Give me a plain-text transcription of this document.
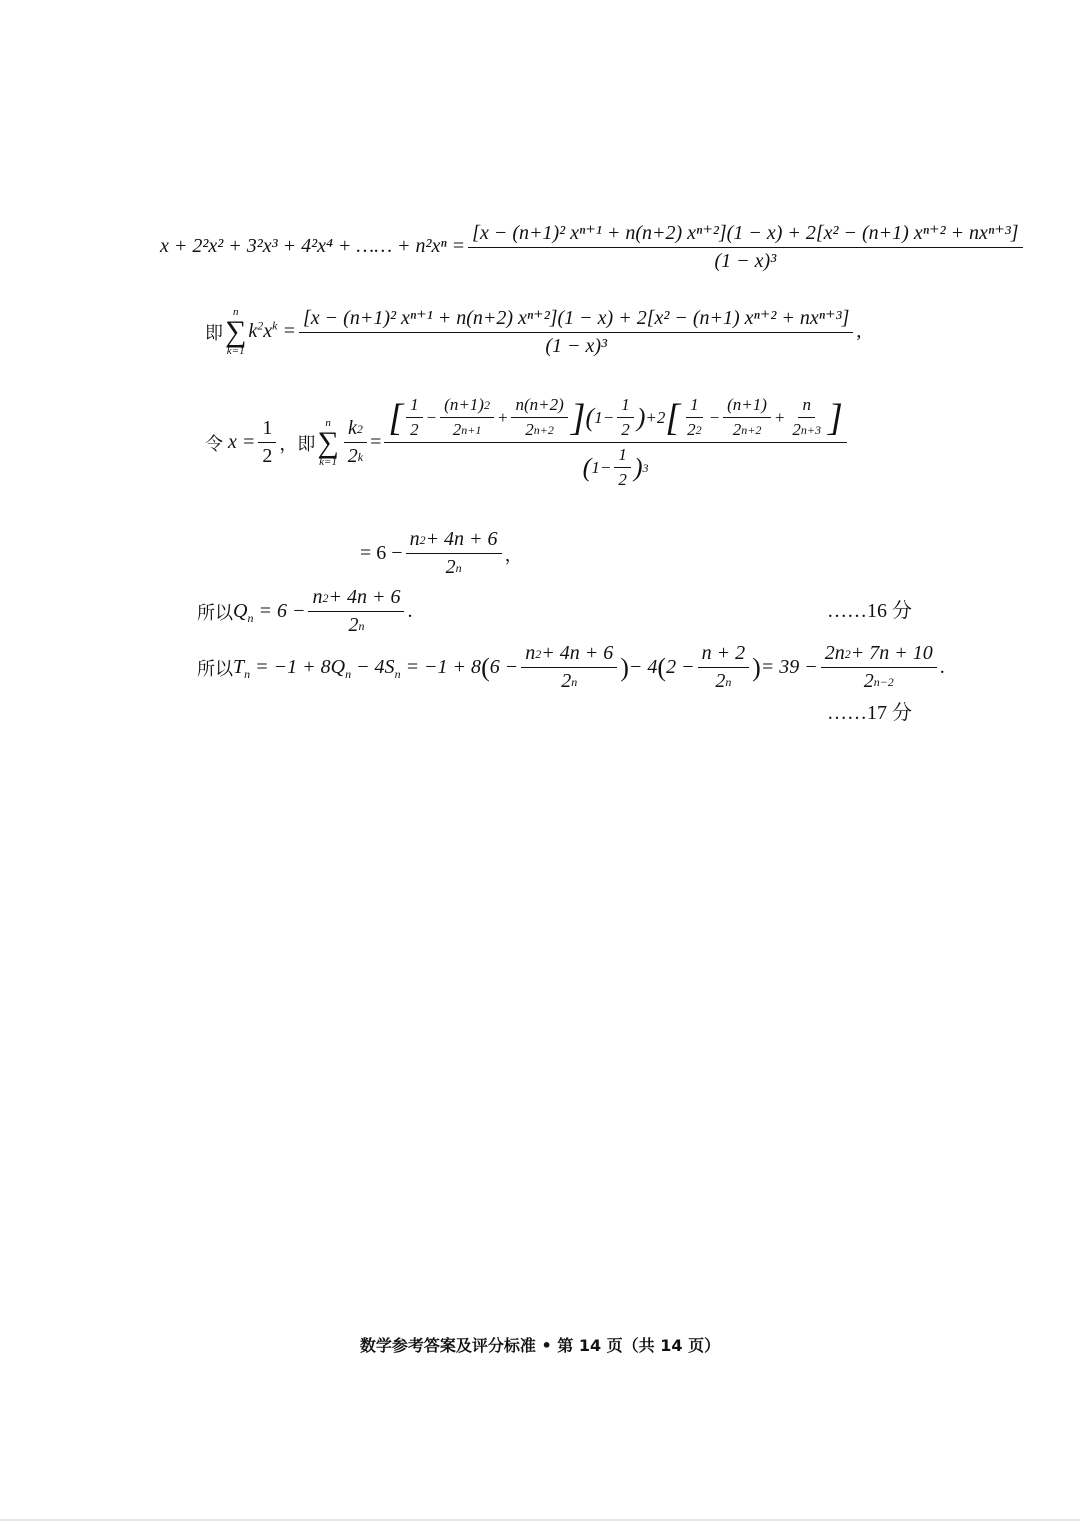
x + 2²x² + 3²x³ + 4²x⁴ + …… + n²xⁿ =
[x − (n+1)² xⁿ⁺¹ + n(n+2) xⁿ⁺²](1 − x) + 2[x² − (n+1) xⁿ⁺² + nxⁿ⁺³]
(1 − x)³
即
n
∑
k=1
$k^2x^k$ =
[x − (n+1)² xⁿ⁺¹ + n(n+2) xⁿ⁺²](1 − x) + 2[x² − (n+1) xⁿ⁺² + nxⁿ⁺³]
(1 − x)³
,
令 $x = \frac{1}{2}$ ，即
n
∑
$k=1 \frac{k 2}{2 k}$ =
[ $\frac{1}{2} - \frac{(n+1) 2}{2 n+1} + \frac{n(n+2)}{2 n+2}$ ] ( $1- \frac{1}{2}$ ) +2 [ $\frac{1}{2 2} - \frac{(n+1)}{2 n+2} + \frac{n}{2 n+3}$ ]
( $1- \frac{1}{2}$ ) 3
= $6 - \frac{n 2 + 4n + 6}{2 n}$ ，
所以 $Q_n = 6 - \frac{n 2 + 4n + 6}{2 n}$ .	……16 分
所以 $T_n = -1 + 8Q_n - 4S_n = -1 + 8$ ( $6 - \frac{n 2 + 4n + 6}{2 n}$ ) − 4 ( $2 - \frac{n + 2}{2 n}$ ) = $39 - \frac{2n 2 + 7n + 10}{2 n-2}$ .
……17 分
数学参考答案及评分标准 • 第 14 页（共 14 页）
